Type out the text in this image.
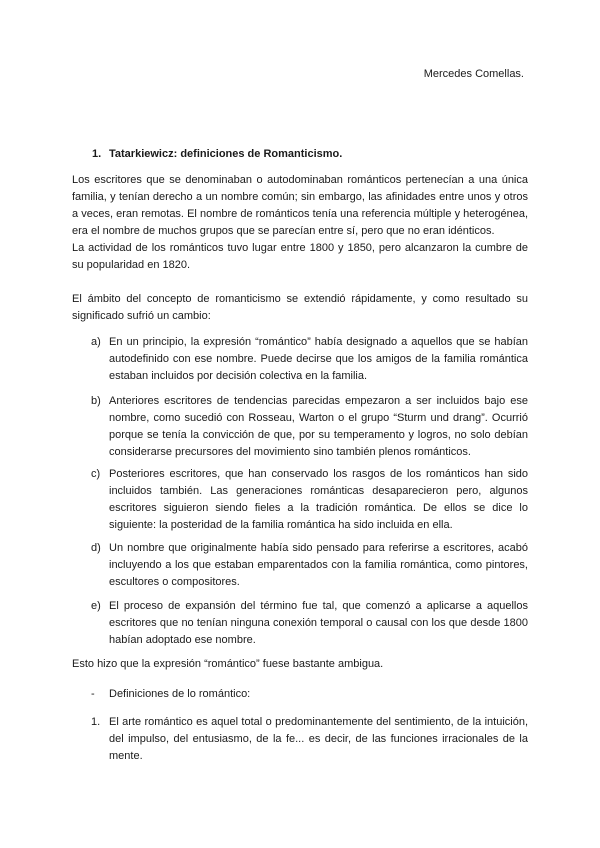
Mercedes Comellas.
1. Tatarkiewicz: definiciones de Romanticismo.

Los escritores que se denominaban o autodominaban románticos pertenecían a una única familia, y tenían derecho a un nombre común; sin embargo, las afinidades entre unos y otros a veces, eran remotas. El nombre de románticos tenía una referencia múltiple y heterogénea, era el nombre de muchos grupos que se parecían entre sí, pero que no eran idénticos.

La actividad de los románticos tuvo lugar entre 1800 y 1850, pero alcanzaron la cumbre de su popularidad en 1820.

El ámbito del concepto de romanticismo se extendió rápidamente, y como resultado su significado sufrió un cambio:

a) En un principio, la expresión “romántico” había designado a aquellos que se habían autodefinido con ese nombre. Puede decirse que los amigos de la familia romántica estaban incluidos por decisión colectiva en la familia.
b) Anteriores escritores de tendencias parecidas empezaron a ser incluidos bajo ese nombre, como sucedió con Rosseau, Warton o el grupo “Sturm und drang”. Ocurrió porque se tenía la convicción de que, por su temperamento y logros, no solo debían considerarse precursores del movimiento sino también plenos románticos.
c) Posteriores escritores, que han conservado los rasgos de los románticos han sido incluidos también. Las generaciones románticas desaparecieron pero, algunos escritores siguieron siendo fieles a la tradición romántica. De ellos se dice lo siguiente: la posteridad de la familia romántica ha sido incluida en ella.
d) Un nombre que originalmente había sido pensado para referirse a escritores, acabó incluyendo a los que estaban emparentados con la familia romántica, como pintores, escultores o compositores.
e) El proceso de expansión del término fue tal, que comenzó a aplicarse a aquellos escritores que no tenían ninguna conexión temporal o causal con los que desde 1800 habían adoptado ese nombre.

Esto hizo que la expresión “romántico” fuese bastante ambigua.

- Definiciones de lo romántico:
1. El arte romántico es aquel total o predominantemente del sentimiento, de la intuición, del impulso, del entusiasmo, de la fe... es decir, de las funciones irracionales de la mente.
